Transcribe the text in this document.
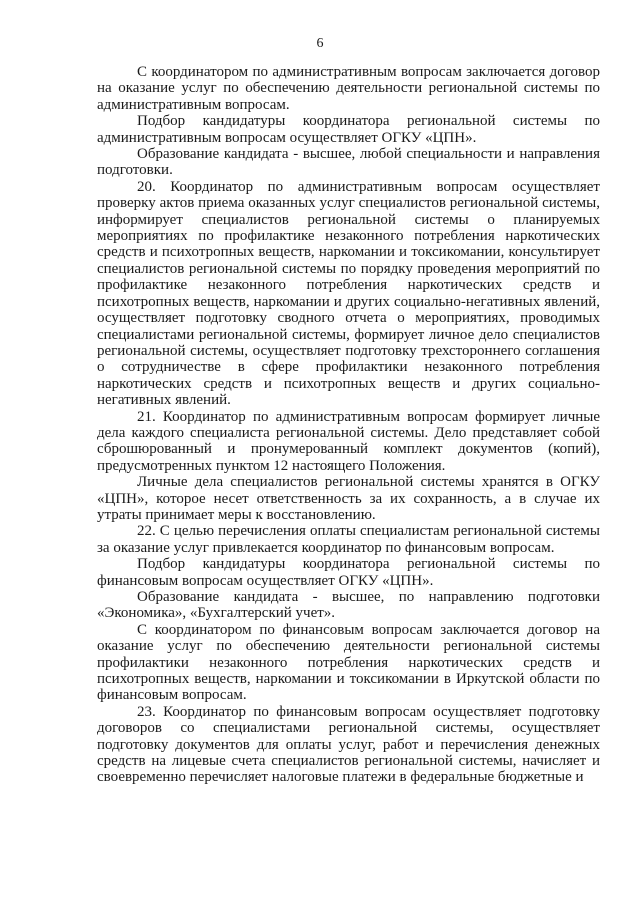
6

С координатором по административным вопросам заключается договор на оказание услуг по обеспечению деятельности региональной системы по административным вопросам.

Подбор кандидатуры координатора региональной системы по административным вопросам осуществляет ОГКУ «ЦПН».

Образование кандидата - высшее, любой специальности и направления подготовки.

20. Координатор по административным вопросам осуществляет проверку актов приема оказанных услуг специалистов региональной системы, информирует специалистов региональной системы о планируемых мероприятиях по профилактике незаконного потребления наркотических средств и психотропных веществ, наркомании и токсикомании, консультирует специалистов региональной системы по порядку проведения мероприятий по профилактике незаконного потребления наркотических средств и психотропных веществ, наркомании и других социально-негативных явлений, осуществляет подготовку сводного отчета о мероприятиях, проводимых специалистами региональной системы, формирует личное дело специалистов региональной системы, осуществляет подготовку трехстороннего соглашения о сотрудничестве в сфере профилактики незаконного потребления наркотических средств и психотропных веществ и других социально-негативных явлений.

21. Координатор по административным вопросам формирует личные дела каждого специалиста региональной системы. Дело представляет собой сброшюрованный и пронумерованный комплект документов (копий), предусмотренных пунктом 12 настоящего Положения.

Личные дела специалистов региональной системы хранятся в ОГКУ «ЦПН», которое несет ответственность за их сохранность, а в случае их утраты принимает меры к восстановлению.

22. С целью перечисления оплаты специалистам региональной системы за оказание услуг привлекается координатор по финансовым вопросам.

Подбор кандидатуры координатора региональной системы по финансовым вопросам осуществляет ОГКУ «ЦПН».

Образование кандидата - высшее, по направлению подготовки «Экономика», «Бухгалтерский учет».

С координатором по финансовым вопросам заключается договор на оказание услуг по обеспечению деятельности региональной системы профилактики незаконного потребления наркотических средств и психотропных веществ, наркомании и токсикомании в Иркутской области по финансовым вопросам.

23. Координатор по финансовым вопросам осуществляет подготовку договоров со специалистами региональной системы, осуществляет подготовку документов для оплаты услуг, работ и перечисления денежных средств на лицевые счета специалистов региональной системы, начисляет и своевременно перечисляет налоговые платежи в федеральные бюджетные и
